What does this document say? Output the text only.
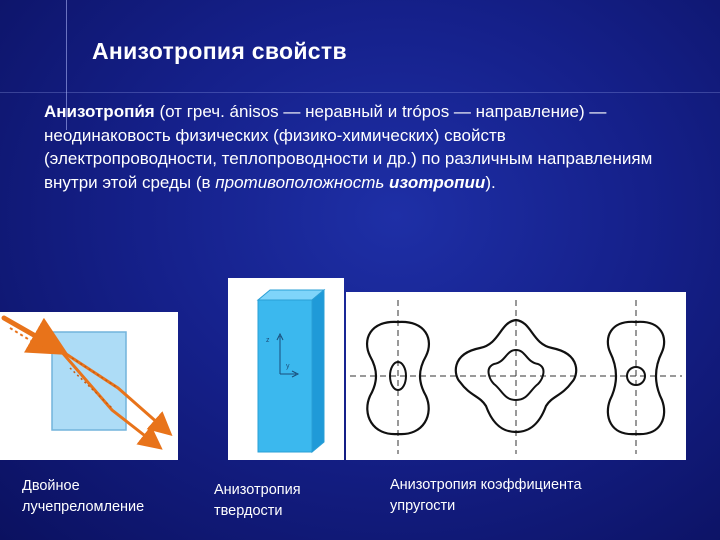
Анизотропия свойств
Анизотропи́я (от греч. ánisos — неравный и trópos — направление) — неодинаковость физических (физико-химических) свойств (электропроводности, теплопроводности и др.) по различным направлениям внутри этой среды (в противоположность изотропии).
z
y
Двойное лучепреломление
Анизотропия твердости
Анизотропия коэффициента упругости
